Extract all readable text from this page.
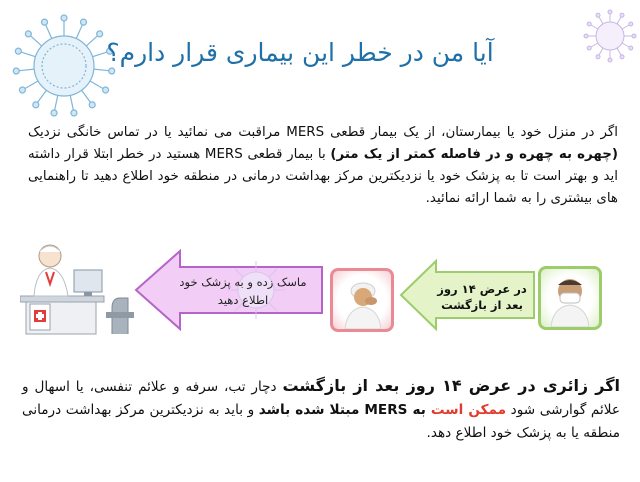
آیا من در خطر این بیماری قرار دارم؟
اگر در منزل خود یا بیمارستان، از یک بیمار قطعی MERS مراقبت می نمائید یا در تماس خانگی نزدیک (چهره به چهره و در فاصله کمتر از یک متر) با بیمار قطعی MERS هستید در خطر ابتلا قرار داشته اید و بهتر است تا به پزشک خود یا نزدیکترین مرکز بهداشت درمانی در منطقه خود اطلاع دهید تا راهنمایی های بیشتری را به شما ارائه نمائید.
ماسک زده و به پزشک خود اطلاع دهید
در عرض ۱۴ روز بعد از بازگشت
اگر زائری در عرض ۱۴ روز بعد از بازگشت دچار تب، سرفه و علائم تنفسی، یا اسهال و علائم گوارشی شود ممکن است به MERS مبتلا شده باشد و باید به نزدیکترین مرکز بهداشت درمانی منطقه یا به پزشک خود اطلاع دهد.
